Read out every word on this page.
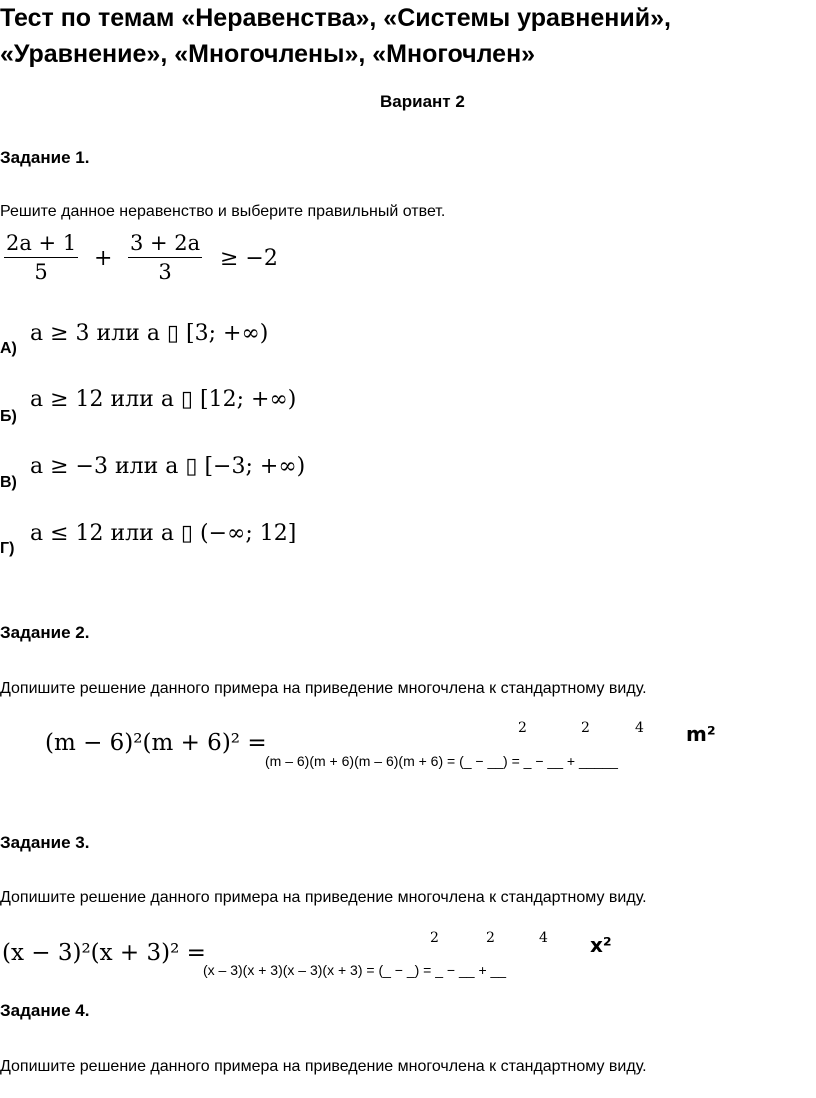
Тест по темам «Неравенства», «Системы уравнений»,
«Уравнение», «Многочлены», «Многочлен»
Вариант 2
Задание 1.
Решите данное неравенство и выберите правильный ответ.
$\frac{2a + 1}{5} + \frac{3 + 2a}{3} \ge -2$
a ≥ 3 или a ▯ [3; +∞)
А)
a ≥ 12 или a ▯ [12; +∞)
Б)
a ≥ −3 или a ▯ [−3; +∞)
В)
a ≤ 12 или a ▯ (−∞; 12]
Г)
Задание 2.
Допишите решение данного примера на приведение многочлена к стандартному виду.
(m − 6)²(m + 6)² =
(m – 6)(m + 6)(m – 6)(m + 6) = (_ − __) = _ − __ + _____
2	2	4 m²
Задание 3.
Допишите решение данного примера на приведение многочлена к стандартному виду.
(x − 3)²(x + 3)² =
(x – 3)(x + 3)(x – 3)(x + 3) = (_ − _) = _ − __ + __
2	2	4 x²
Задание 4.
Допишите решение данного примера на приведение многочлена к стандартному виду.
